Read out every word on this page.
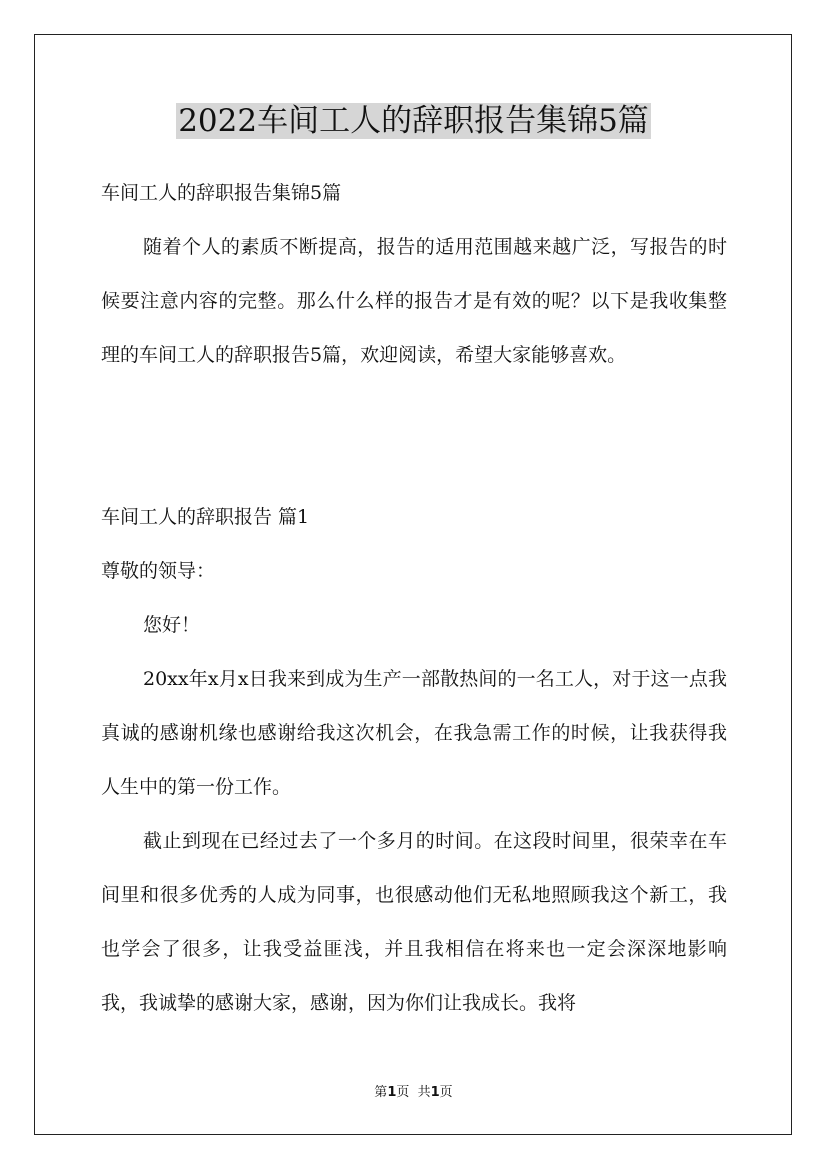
2022车间工人的辞职报告集锦5篇

车间工人的辞职报告集锦5篇

随着个人的素质不断提高，报告的适用范围越来越广泛，写报告的时候要注意内容的完整。那么什么样的报告才是有效的呢？以下是我收集整理的车间工人的辞职报告5篇，欢迎阅读，希望大家能够喜欢。

车间工人的辞职报告 篇1

尊敬的领导：

您好！

20xx年x月x日我来到成为生产一部散热间的一名工人，对于这一点我真诚的感谢机缘也感谢给我这次机会，在我急需工作的时候，让我获得我人生中的第一份工作。

截止到现在已经过去了一个多月的时间。在这段时间里，很荣幸在车间里和很多优秀的人成为同事，也很感动他们无私地照顾我这个新工，我也学会了很多，让我受益匪浅，并且我相信在将来也一定会深深地影响我，我诚挚的感谢大家，感谢，因为你们让我成长。我将

第1页  共1页
